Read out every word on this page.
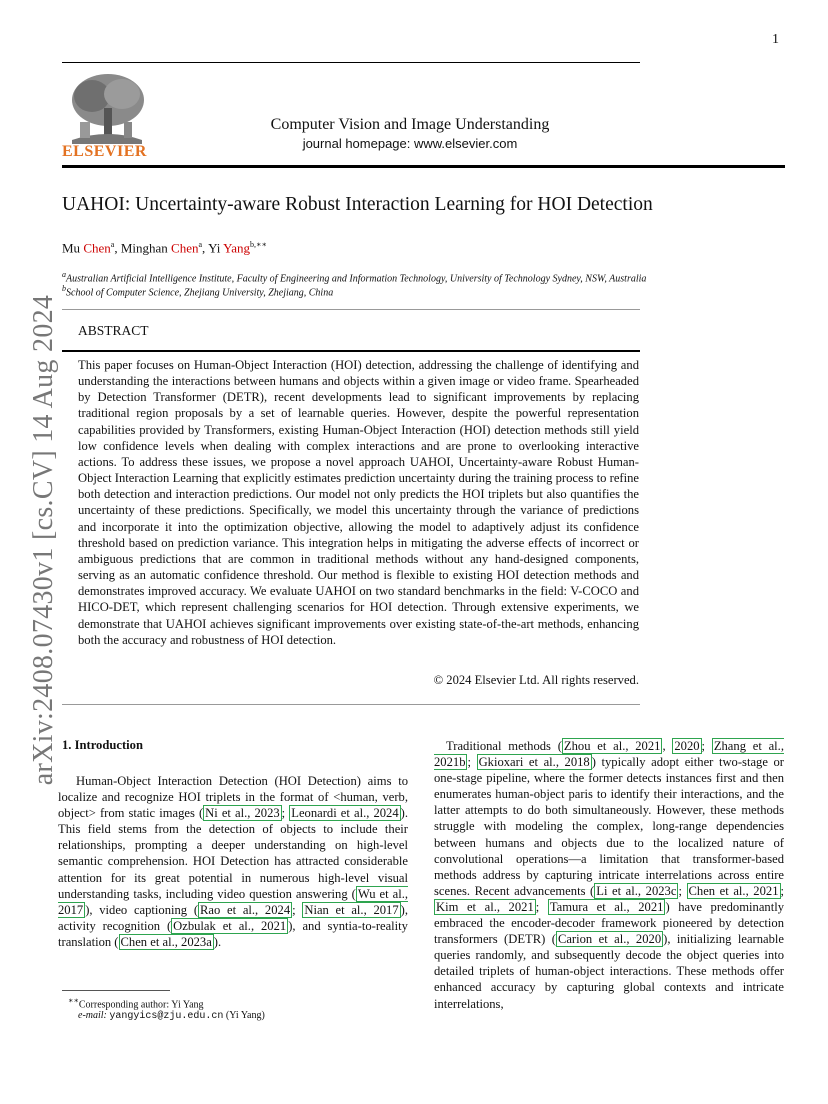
1
ELSEVIER
Computer Vision and Image Understanding
journal homepage: www.elsevier.com
UAHOI: Uncertainty-aware Robust Interaction Learning for HOI Detection
Mu Chen$^a$, Minghan Chen$^a$, Yi Yang$^{b,∗∗}$
$^a$Australian Artificial Intelligence Institute, Faculty of Engineering and Information Technology, University of Technology Sydney, NSW, Australia
$^b$School of Computer Science, Zhejiang University, Zhejiang, China
ABSTRACT
This paper focuses on Human-Object Interaction (HOI) detection, addressing the challenge of identifying and understanding the interactions between humans and objects within a given image or video frame. Spearheaded by Detection Transformer (DETR), recent developments lead to significant improvements by replacing traditional region proposals by a set of learnable queries. However, despite the powerful representation capabilities provided by Transformers, existing Human-Object Interaction (HOI) detection methods still yield low confidence levels when dealing with complex interactions and are prone to overlooking interactive actions. To address these issues, we propose a novel approach UAHOI, Uncertainty-aware Robust Human-Object Interaction Learning that explicitly estimates prediction uncertainty during the training process to refine both detection and interaction predictions. Our model not only predicts the HOI triplets but also quantifies the uncertainty of these predictions. Specifically, we model this uncertainty through the variance of predictions and incorporate it into the optimization objective, allowing the model to adaptively adjust its confidence threshold based on prediction variance. This integration helps in mitigating the adverse effects of incorrect or ambiguous predictions that are common in traditional methods without any hand-designed components, serving as an automatic confidence threshold. Our method is flexible to existing HOI detection methods and demonstrates improved accuracy. We evaluate UAHOI on two standard benchmarks in the field: V-COCO and HICO-DET, which represent challenging scenarios for HOI detection. Through extensive experiments, we demonstrate that UAHOI achieves significant improvements over existing state-of-the-art methods, enhancing both the accuracy and robustness of HOI detection.
© 2024 Elsevier Ltd. All rights reserved.
arXiv:2408.07430v1 [cs.CV] 14 Aug 2024 1. Introduction
Human-Object Interaction Detection (HOI Detection) aims to localize and recognize HOI triplets in the format of <human, verb, object> from static images ( Ni et al., 2023 ; Leonardi et al., 2024 ). This field stems from the detection of objects to include their relationships, prompting a deeper understanding on high-level semantic comprehension. HOI Detection has attracted considerable attention for its great potential in numerous high-level visual understanding tasks, including video question answering ( Wu et al., 2017 ), video captioning ( Rao et al., 2024 ; Nian et al., 2017 ), activity recognition ( Ozbulak et al., 2021 ), and syntia-to-reality translation ( Chen et al., 2023a ).
Traditional methods ( Zhou et al., 2021 , 2020 ; Zhang et al., 2021b ; Gkioxari et al., 2018 ) typically adopt either two-stage or one-stage pipeline, where the former detects instances first and then enumerates human-object paris to identify their interactions, and the latter attempts to do both simultaneously. However, these methods struggle with modeling the complex, long-range dependencies between humans and objects due to the localized nature of convolutional operations—a limitation that transformer-based methods address by capturing intricate interrelations across entire scenes. Recent advancements ( Li et al., 2023c ; Chen et al., 2021 ; Kim et al., 2021 ; Tamura et al., 2021 ) have predominantly embraced the encoder-decoder framework pioneered by detection transformers (DETR) ( Carion et al., 2020 ), initializing learnable queries randomly, and subsequently decode the object queries into detailed triplets of human-object interactions. These methods offer enhanced accuracy by capturing global contexts and intricate interrelations,
∗∗Corresponding author: Yi Yang
e-mail: yangyics@zju.edu.cn (Yi Yang)
